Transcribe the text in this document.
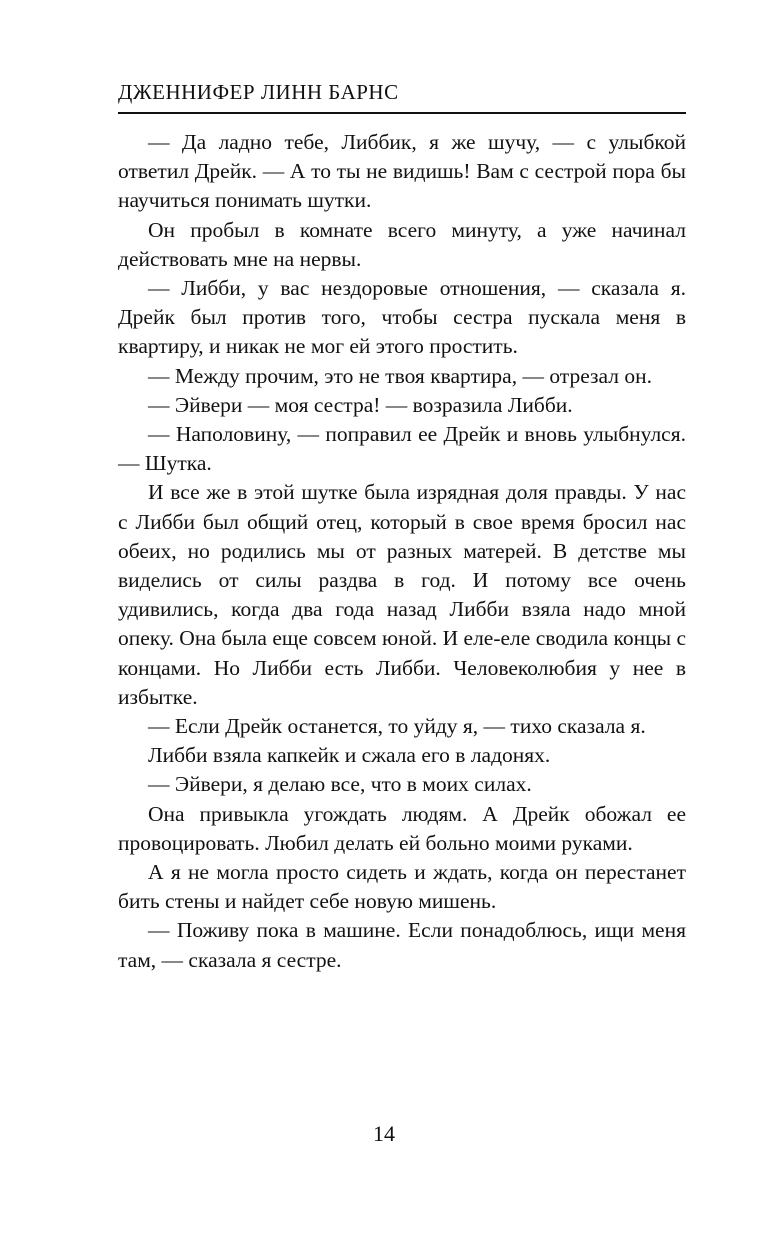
ДЖЕННИФЕР ЛИНН БАРНС

— Да ладно тебе, Либбик, я же шучу, — с улыбкой ответил Дрейк. — А то ты не видишь! Вам с сестрой пора бы научиться понимать шутки.

Он пробыл в комнате всего минуту, а уже начинал действовать мне на нервы.

— Либби, у вас нездоровые отношения, — сказала я. Дрейк был против того, чтобы сестра пускала меня в квартиру, и никак не мог ей этого простить.

— Между прочим, это не твоя квартира, — отрезал он.

— Эйвери — моя сестра! — возразила Либби.

— Наполовину, — поправил ее Дрейк и вновь улыбнулся. — Шутка.

И все же в этой шутке была изрядная доля правды. У нас с Либби был общий отец, который в свое время бросил нас обеих, но родились мы от разных матерей. В детстве мы виделись от силы раздва в год. И потому все очень удивились, когда два года назад Либби взяла надо мной опеку. Она была еще совсем юной. И еле-еле сводила концы с концами. Но Либби есть Либби. Человеколюбия у нее в избытке.

— Если Дрейк останется, то уйду я, — тихо сказала я.

Либби взяла капкейк и сжала его в ладонях.

— Эйвери, я делаю все, что в моих силах.

Она привыкла угождать людям. А Дрейк обожал ее провоцировать. Любил делать ей больно моими руками.

А я не могла просто сидеть и ждать, когда он перестанет бить стены и найдет себе новую мишень.

— Поживу пока в машине. Если понадоблюсь, ищи меня там, — сказала я сестре.

14
